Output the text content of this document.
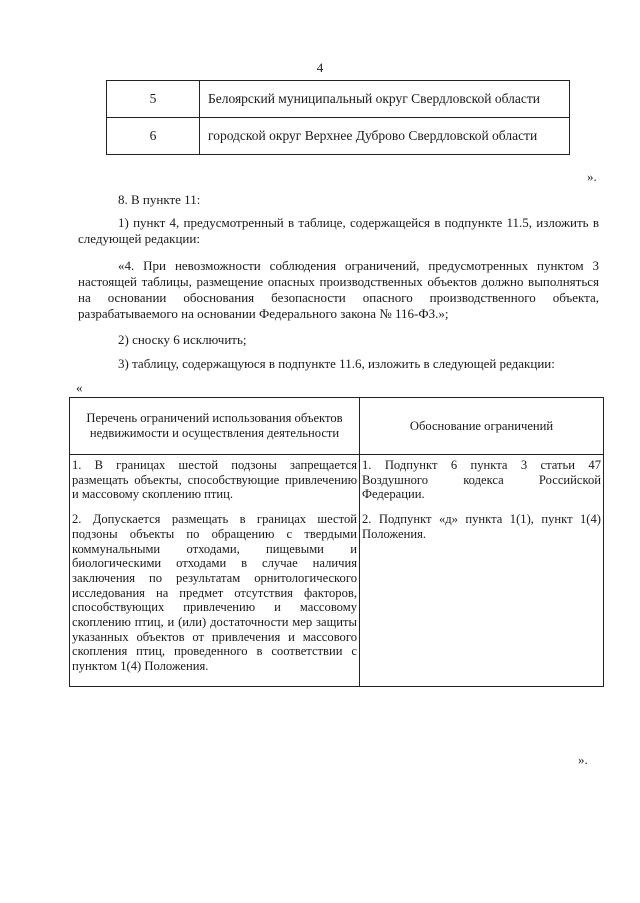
4
5	Белоярский муниципальный округ Свердловской области
6	городской округ Верхнее Дуброво Свердловской области
».
8. В пункте 11:
1) пункт 4, предусмотренный в таблице, содержащейся в подпункте 11.5, изложить в следующей редакции:
«4. При невозможности соблюдения ограничений, предусмотренных пунктом 3 настоящей таблицы, размещение опасных производственных объектов должно выполняться на основании обоснования безопасности опасного производственного объекта, разрабатываемого на основании Федерального закона № 116-ФЗ.»;
2) сноску 6 исключить;
3) таблицу, содержащуюся в подпункте 11.6, изложить в следующей редакции:
«
Перечень ограничений использования объектов недвижимости и осуществления деятельности	Обоснование ограничений
1. В границах шестой подзоны запрещается размещать объекты, способствующие привлечению и массовому скоплению птиц.	1. Подпункт 6 пункта 3 статьи 47 Воздушного кодекса Российской Федерации.
2. Допускается размещать в границах шестой подзоны объекты по обращению с твердыми коммунальными отходами, пищевыми и биологическими отходами в случае наличия заключения по результатам орнитологического исследования на предмет отсутствия факторов, способствующих привлечению и массовому скоплению птиц, и (или) достаточности мер защиты указанных объектов от привлечения и массового скопления птиц, проведенного в соответствии с пунктом 1(4) Положения.	2. Подпункт «д» пункта 1(1), пункт 1(4) Положения.
».
